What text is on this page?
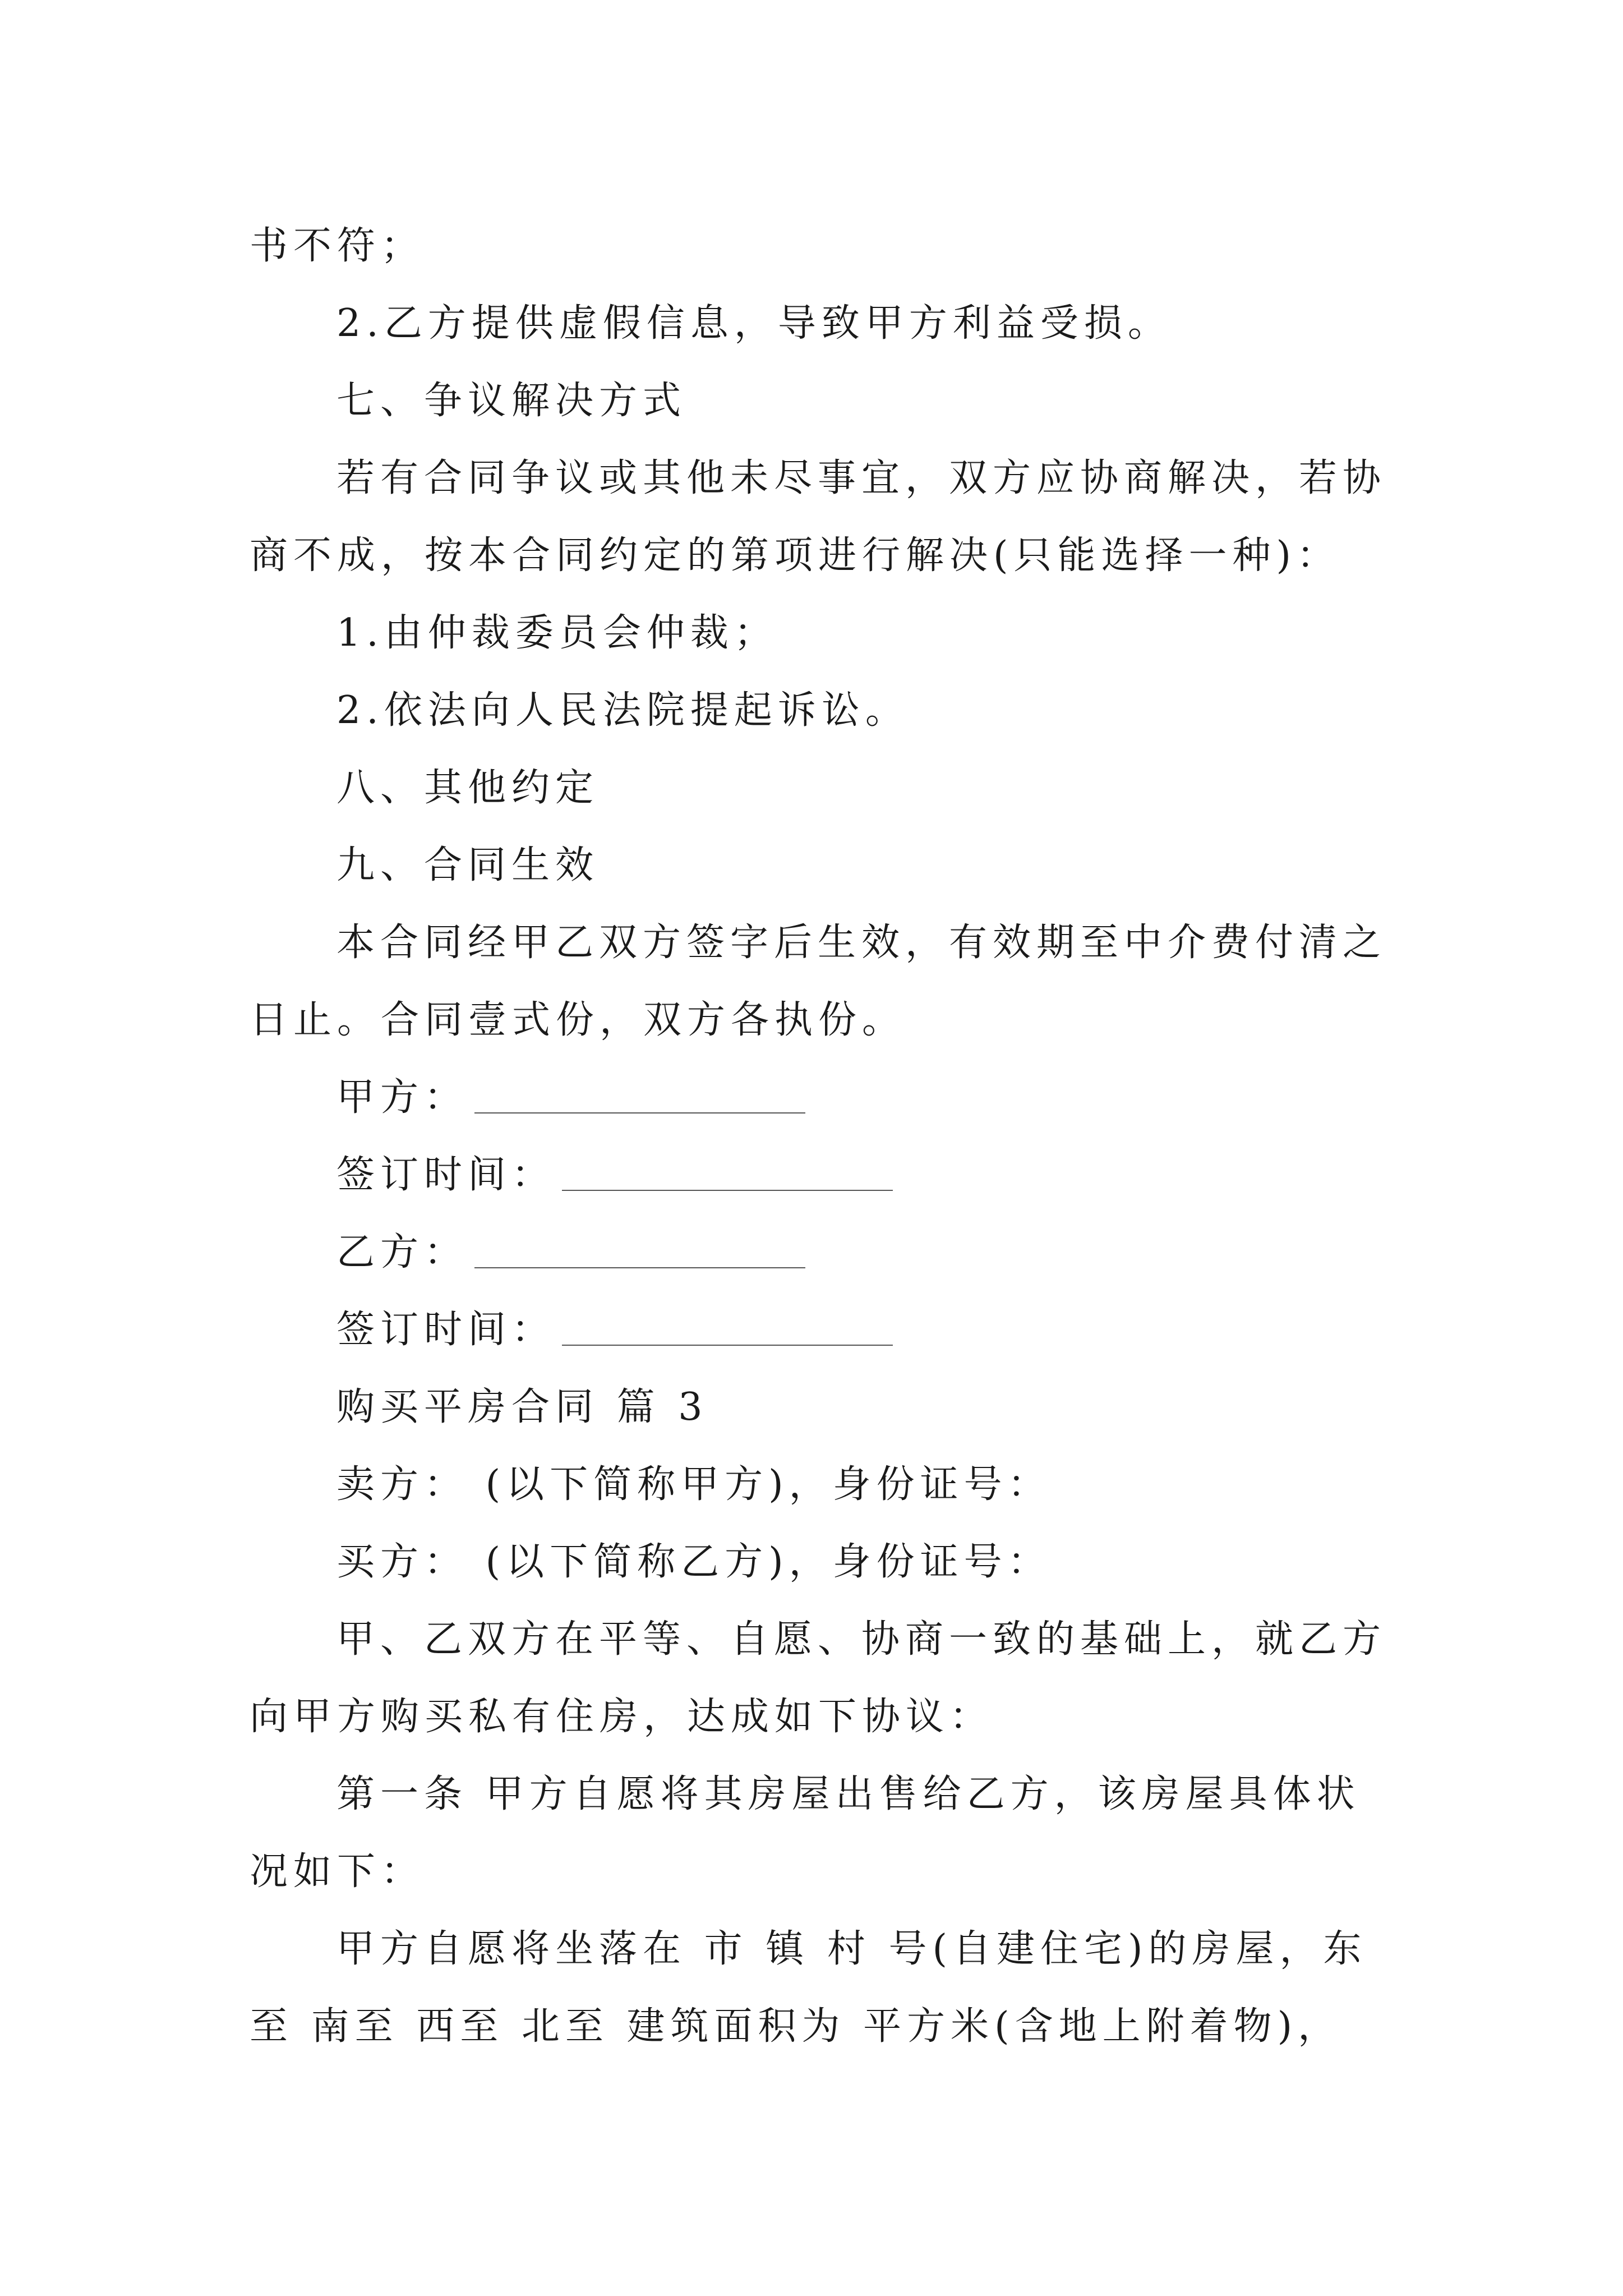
书不符；
2.乙方提供虚假信息，导致甲方利益受损。
七、争议解决方式
若有合同争议或其他未尽事宜，双方应协商解决，若协
商不成，按本合同约定的第项进行解决(只能选择一种)：
1.由仲裁委员会仲裁；
2.依法向人民法院提起诉讼。
八、其他约定
九、合同生效
本合同经甲乙双方签字后生效，有效期至中介费付清之
日止。合同壹式份，双方各执份。
甲方：
签订时间：
乙方：
签订时间：
购买平房合同 篇 3
卖方： (以下简称甲方)，身份证号：
买方： (以下简称乙方)，身份证号：
甲、乙双方在平等、自愿、协商一致的基础上，就乙方
向甲方购买私有住房，达成如下协议：
第一条 甲方自愿将其房屋出售给乙方，该房屋具体状
况如下：
甲方自愿将坐落在 市 镇 村 号(自建住宅)的房屋，东
至 南至 西至 北至 建筑面积为 平方米(含地上附着物)，
